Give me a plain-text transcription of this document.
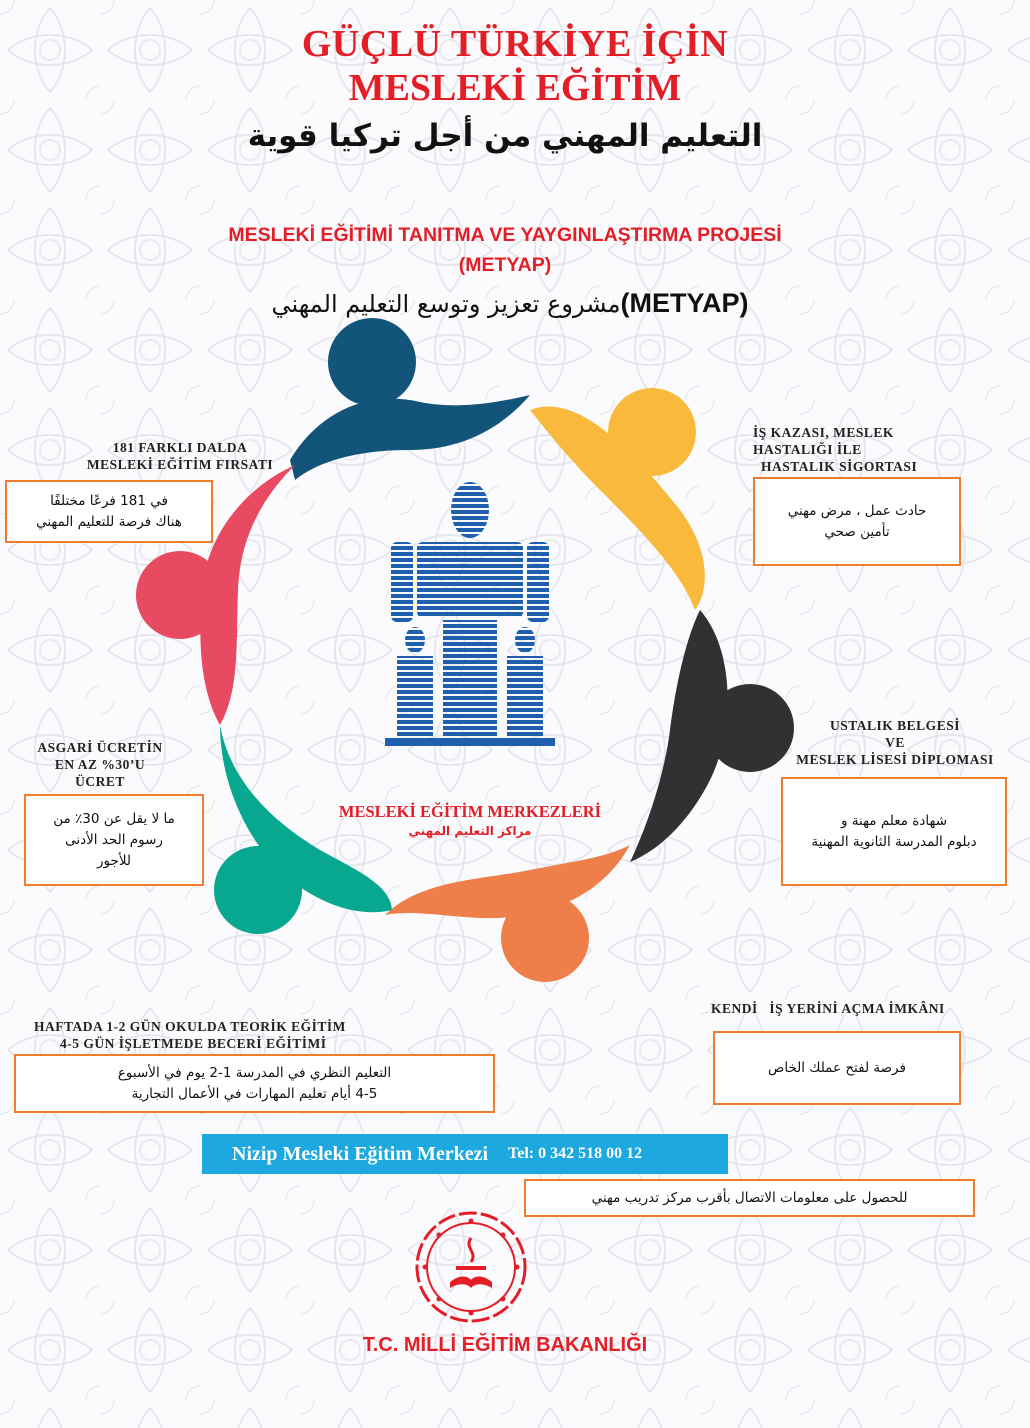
GÜÇLÜ TÜRKİYE İÇİN
MESLEKİ EĞİTİM
التعليم المهني من أجل تركيا قوية
MESLEKİ EĞİTİMİ TANITMA VE YAYGINLAŞTIRMA PROJESİ
(METYAP)
مشروع تعزيز وتوسع التعليم المهني(METYAP)
MESLEKİ EĞİTİM MERKEZLERİ
مراكز التعليم المهني
181 FARKLI DALDA
MESLEKİ EĞİTİM FIRSATI
في 181 فرعًا مختلفًا
هناك فرصة للتعليم المهني
İŞ KAZASI, MESLEK
HASTALIĞI İLE
HASTALIK SİGORTASI
حادث عمل ، مرض مهني
تأمين صحي
ASGARİ ÜCRETİN
EN AZ %30’U
ÜCRET
ما لا يقل عن 30٪ من
رسوم الحد الأدنى
للأجور
USTALIK BELGESİ
VE
MESLEK LİSESİ DİPLOMASI
شهادة معلم مهنة و
دبلوم المدرسة الثانوية المهنية
HAFTADA 1-2 GÜN OKULDA TEORİK EĞİTİM
4-5 GÜN İŞLETMEDE BECERİ EĞİTİMİ
التعليم النظري في المدرسة 1-2 يوم في الأسبوع
4-5 أيام تعليم المهارات في الأعمال التجارية
KENDİ   İŞ YERİNİ AÇMA İMKÂNI
فرصة لفتح عملك الخاص
Nizip Mesleki Eğitim Merkezi Tel: 0 342 518 00 12
للحصول على معلومات الاتصال بأقرب مركز تدريب مهني
T.C. MİLLİ EĞİTİM BAKANLIĞI
